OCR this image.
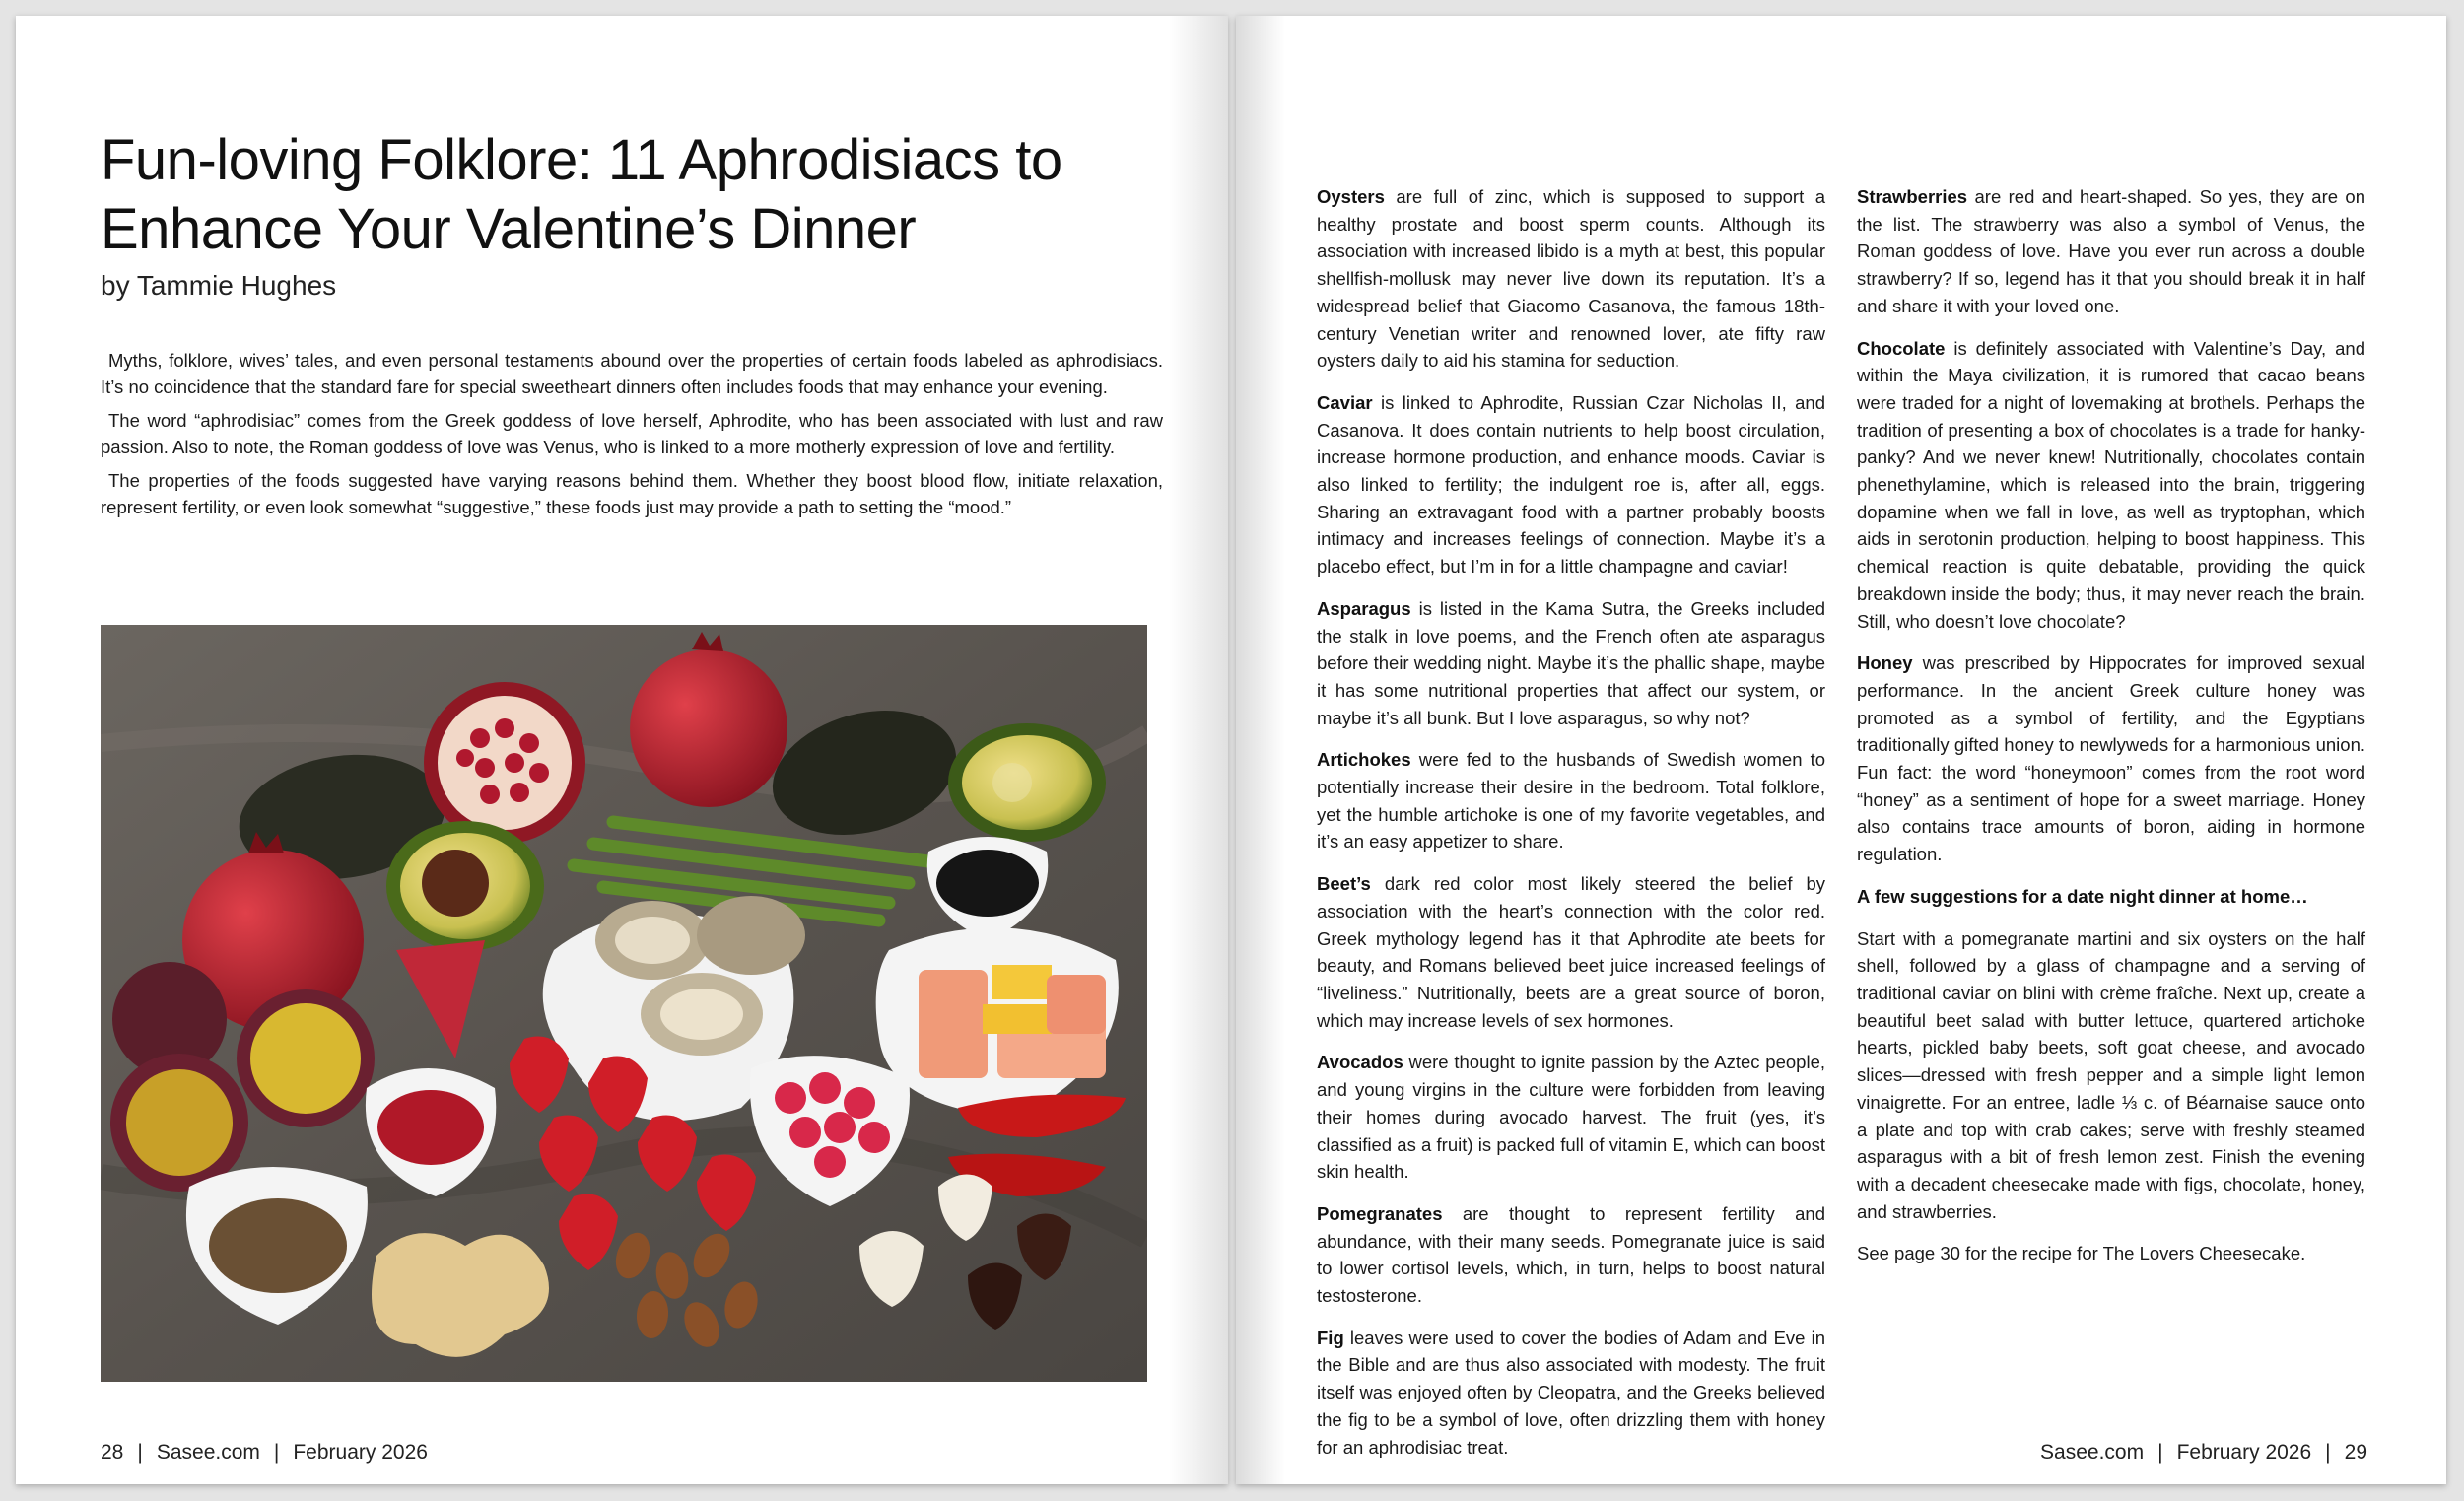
Fun-loving Folklore: 11 Aphrodisiacs to
Enhance Your Valentine’s Dinner

by Tammie Hughes

Myths, folklore, wives’ tales, and even personal testaments abound over the properties of certain foods labeled as aphrodisiacs. It’s no coincidence that the standard fare for special sweetheart dinners often includes foods that may enhance your evening.

The word “aphrodisiac” comes from the Greek goddess of love herself, Aphrodite, who has been associated with lust and raw passion. Also to note, the Roman goddess of love was Venus, who is linked to a more motherly expression of love and fertility.

The properties of the foods suggested have varying reasons behind them. Whether they boost blood flow, initiate relaxation, represent fertility, or even look somewhat “suggestive,” these foods just may provide a path to setting the “mood.”

28 | Sasee.com | February 2026

Oysters are full of zinc, which is supposed to support a healthy prostate and boost sperm counts. Although its association with increased libido is a myth at best, this popular shellfish-mollusk may never live down its reputation. It’s a widespread belief that Giacomo Casanova, the famous 18th-century Venetian writer and renowned lover, ate fifty raw oysters daily to aid his stamina for seduction.

Caviar is linked to Aphrodite, Russian Czar Nicholas II, and Casanova. It does contain nutrients to help boost circulation, increase hormone production, and enhance moods. Caviar is also linked to fertility; the indulgent roe is, after all, eggs. Sharing an extravagant food with a partner probably boosts intimacy and increases feelings of connection. Maybe it’s a placebo effect, but I’m in for a little champagne and caviar!

Asparagus is listed in the Kama Sutra, the Greeks included the stalk in love poems, and the French often ate asparagus before their wedding night. Maybe it’s the phallic shape, maybe it has some nutritional properties that affect our system, or maybe it’s all bunk. But I love asparagus, so why not?

Artichokes were fed to the husbands of Swedish women to potentially increase their desire in the bedroom. Total folklore, yet the humble artichoke is one of my favorite vegetables, and it’s an easy appetizer to share.

Beet’s dark red color most likely steered the belief by association with the heart’s connection with the color red. Greek mythology legend has it that Aphrodite ate beets for beauty, and Romans believed beet juice increased feelings of “liveliness.” Nutritionally, beets are a great source of boron, which may increase levels of sex hormones.

Avocados were thought to ignite passion by the Aztec people, and young virgins in the culture were forbidden from leaving their homes during avocado harvest. The fruit (yes, it’s classified as a fruit) is packed full of vitamin E, which can boost skin health.

Pomegranates are thought to represent fertility and abundance, with their many seeds. Pomegranate juice is said to lower cortisol levels, which, in turn, helps to boost natural testosterone.

Fig leaves were used to cover the bodies of Adam and Eve in the Bible and are thus also associated with modesty. The fruit itself was enjoyed often by Cleopatra, and the Greeks believed the fig to be a symbol of love, often drizzling them with honey for an aphrodisiac treat.

Strawberries are red and heart-shaped. So yes, they are on the list. The strawberry was also a symbol of Venus, the Roman goddess of love. Have you ever run across a double strawberry? If so, legend has it that you should break it in half and share it with your loved one.

Chocolate is definitely associated with Valentine’s Day, and within the Maya civilization, it is rumored that cacao beans were traded for a night of lovemaking at brothels. Perhaps the tradition of presenting a box of chocolates is a trade for hanky-panky? And we never knew! Nutritionally, chocolates contain phenethylamine, which is released into the brain, triggering dopamine when we fall in love, as well as tryptophan, which aids in serotonin production, helping to boost happiness. This chemical reaction is quite debatable, providing the quick breakdown inside the body; thus, it may never reach the brain. Still, who doesn’t love chocolate?

Honey was prescribed by Hippocrates for improved sexual performance. In the ancient Greek culture honey was promoted as a symbol of fertility, and the Egyptians traditionally gifted honey to newlyweds for a harmonious union. Fun fact: the word “honeymoon” comes from the root word “honey” as a sentiment of hope for a sweet marriage. Honey also contains trace amounts of boron, aiding in hormone regulation.

A few suggestions for a date night dinner at home…

Start with a pomegranate martini and six oysters on the half shell, followed by a glass of champagne and a serving of traditional caviar on blini with crème fraîche. Next up, create a beautiful beet salad with butter lettuce, quartered artichoke hearts, pickled baby beets, soft goat cheese, and avocado slices—dressed with fresh pepper and a simple light lemon vinaigrette. For an entree, ladle ⅓ c. of Béarnaise sauce onto a plate and top with crab cakes; serve with freshly steamed asparagus with a bit of fresh lemon zest. Finish the evening with a decadent cheesecake made with figs, chocolate, honey, and strawberries.

See page 30 for the recipe for The Lovers Cheesecake.

Sasee.com | February 2026 | 29
